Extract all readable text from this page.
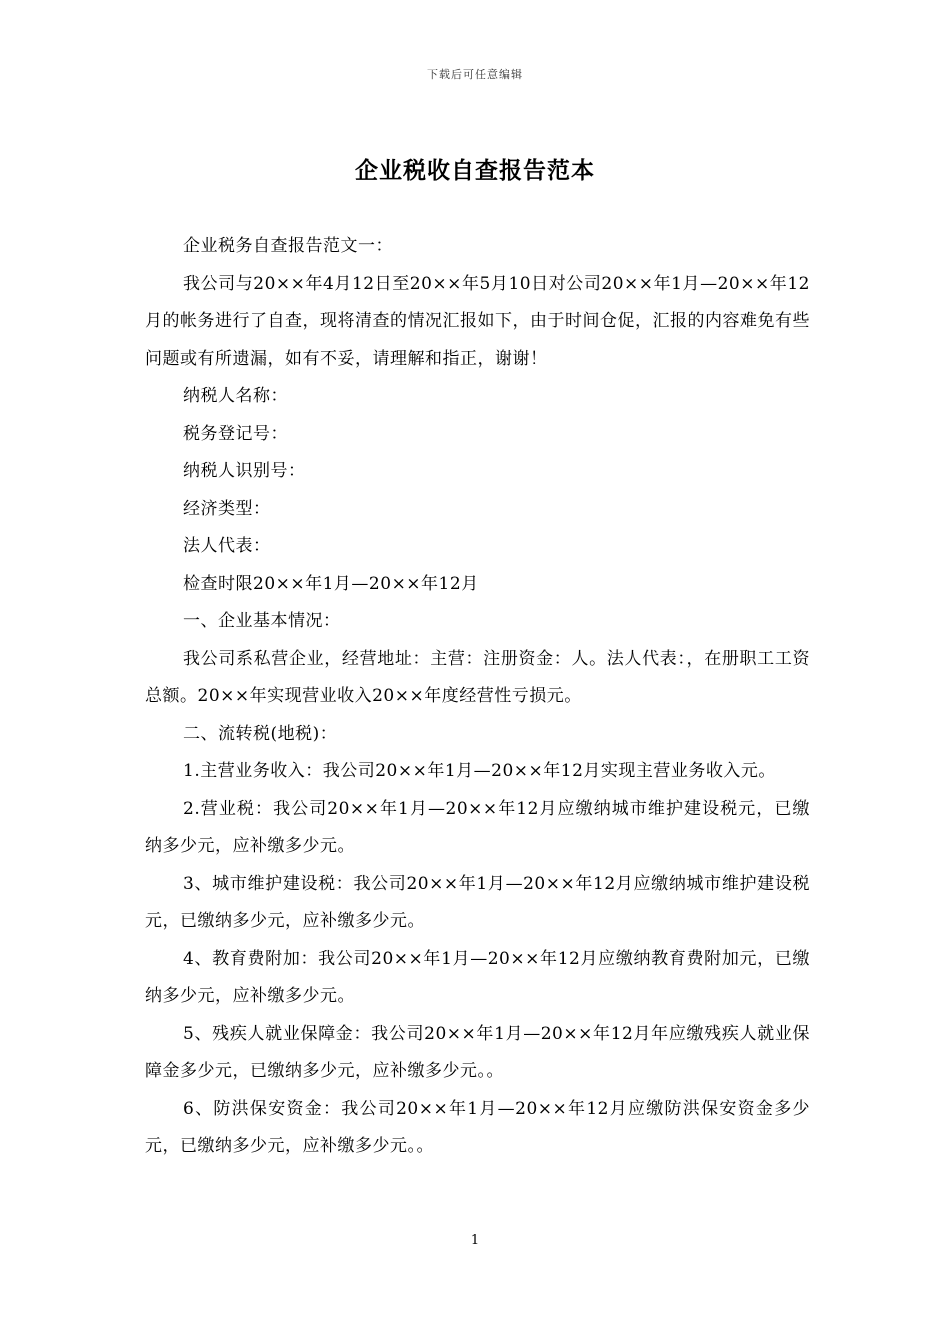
下载后可任意编辑
企业税收自查报告范本

企业税务自查报告范文一：

我公司与20××年4月12日至20××年5月10日对公司20××年1月—20××年12月的帐务进行了自查，现将清查的情况汇报如下，由于时间仓促，汇报的内容难免有些问题或有所遗漏，如有不妥，请理解和指正，谢谢！

纳税人名称：

税务登记号：

纳税人识别号：

经济类型：

法人代表：

检查时限20××年1月—20××年12月

一、企业基本情况：

我公司系私营企业，经营地址：主营：注册资金：人。法人代表：，在册职工工资总额。20××年实现营业收入20××年度经营性亏损元。

二、流转税(地税)：

1.主营业务收入：我公司20××年1月—20××年12月实现主营业务收入元。

2.营业税：我公司20××年1月—20××年12月应缴纳城市维护建设税元，已缴纳多少元，应补缴多少元。

3、城市维护建设税：我公司20××年1月—20××年12月应缴纳城市维护建设税元，已缴纳多少元，应补缴多少元。

4、教育费附加：我公司20××年1月—20××年12月应缴纳教育费附加元，已缴纳多少元，应补缴多少元。

5、残疾人就业保障金：我公司20××年1月—20××年12月年应缴残疾人就业保障金多少元，已缴纳多少元，应补缴多少元。。

6、防洪保安资金：我公司20××年1月—20××年12月应缴防洪保安资金多少元，已缴纳多少元，应补缴多少元。。

1
